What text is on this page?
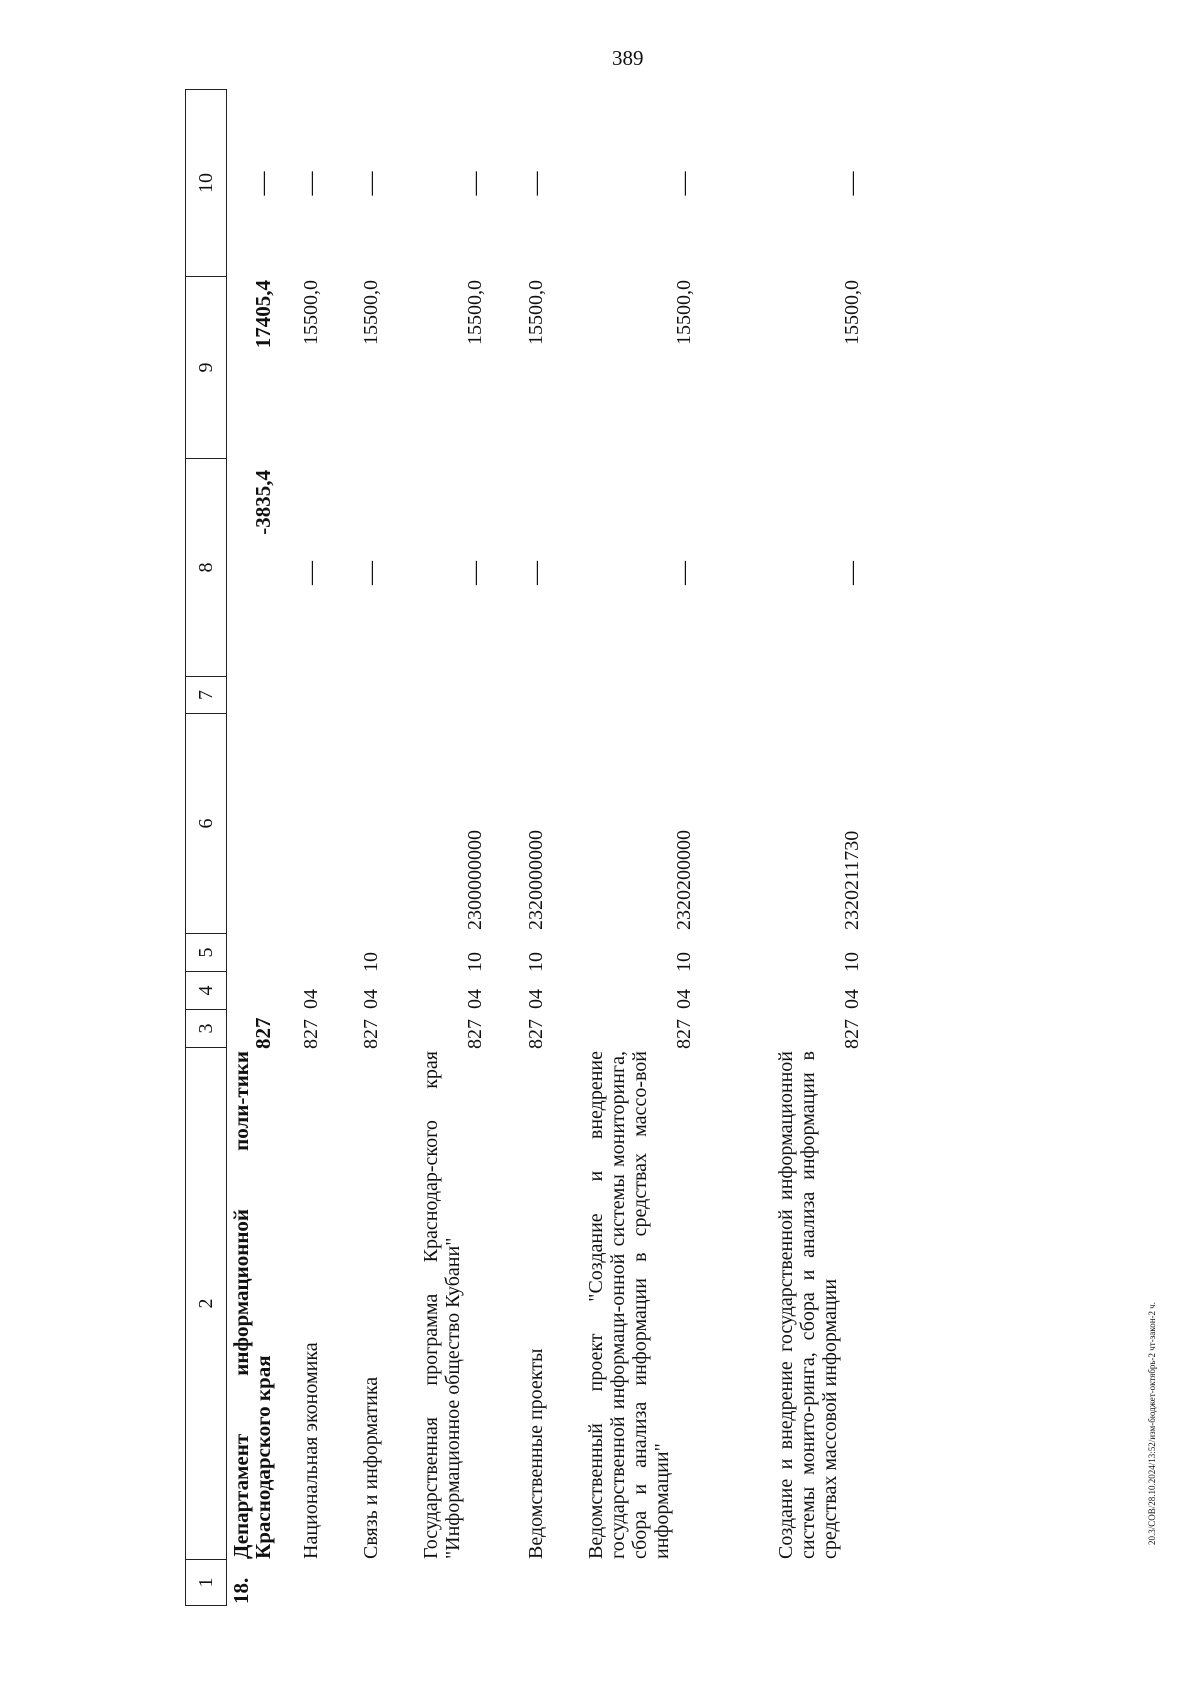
389
20.3/СОВ/28.10.2024/13:52/изм-бюджет-октябрь-2 чт-закон-2 ч.
1
2
3
4
5
6
7
8
9
10
18.
Департамент информационной поли-тики Краснодарского края
827
-3835,4
17405,4
—
Национальная экономика
827
04
—
15500,0
—
Связь и информатика
827
04
10
—
15500,0
—
Государственная программа Краснодар-ского края "Информационное общество Кубани"
827
04
10
2300000000
—
15500,0
—
Ведомственные проекты
827
04
10
2320000000
—
15500,0
—
Ведомственный проект "Создание и внедрение государственной информаци-онной системы мониторинга, сбора и анализа информации в средствах массо-вой информации"
827
04
10
2320200000
—
15500,0
—
Создание и внедрение государственной информационной системы монито-ринга, сбора и анализа информации в средствах массовой информации
827
04
10
2320211730
—
15500,0
—
